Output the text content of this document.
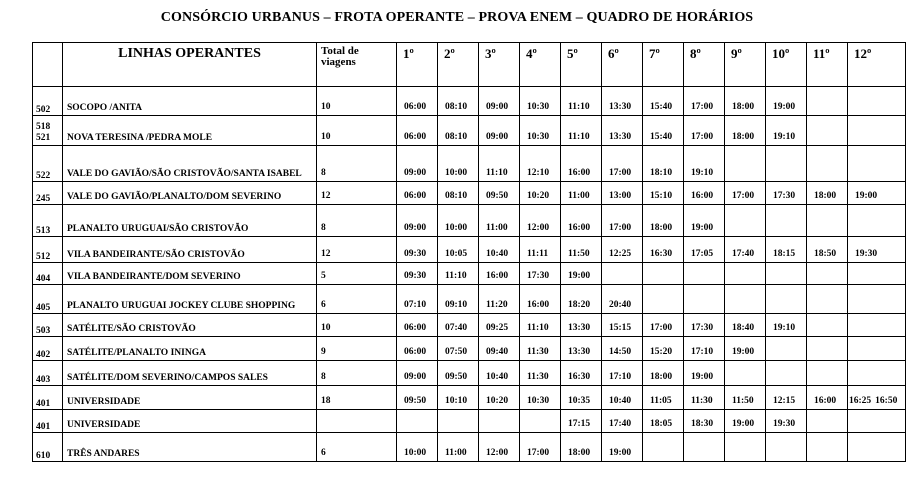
CONSÓRCIO URBANUS – FROTA OPERANTE – PROVA ENEM – QUADRO DE HORÁRIOS
	LINHAS OPERANTES	Total de viagens	1º	2º	3º	4º	5º	6º	7º	8º	9º	10º	11º	12º

502	SOCOPO /ANITA	10	06:00	08:10	09:00	10:30	11:10	13:30	15:40	17:00	18:00	19:00		

518
521	NOVA TERESINA /PEDRA MOLE	10	06:00	08:10	09:00	10:30	11:10	13:30	15:40	17:00	18:00	19:10		

522	VALE DO GAVIÃO/SÃO CRISTOVÃO/SANTA ISABEL	8	09:00	10:00	11:10	12:10	16:00	17:00	18:10	19:10				

245	VALE DO GAVIÃO/PLANALTO/DOM SEVERINO	12	06:00	08:10	09:50	10:20	11:00	13:00	15:10	16:00	17:00	17:30	18:00	19:00

513	PLANALTO URUGUAI/SÃO CRISTOVÃO	8	09:00	10:00	11:00	12:00	16:00	17:00	18:00	19:00				

512	VILA BANDEIRANTE/SÃO CRISTOVÃO	12	09:30	10:05	10:40	11:11	11:50	12:25	16:30	17:05	17:40	18:15	18:50	19:30

404	VILA BANDEIRANTE/DOM SEVERINO	5	09:30	11:10	16:00	17:30	19:00							

405	PLANALTO URUGUAI JOCKEY CLUBE SHOPPING	6	07:10	09:10	11:20	16:00	18:20	20:40						

503	SATÉLITE/SÃO CRISTOVÃO	10	06:00	07:40	09:25	11:10	13:30	15:15	17:00	17:30	18:40	19:10		

402	SATÉLITE/PLANALTO ININGA	9	06:00	07:50	09:40	11:30	13:30	14:50	15:20	17:10	19:00			

403	SATÉLITE/DOM SEVERINO/CAMPOS SALES	8	09:00	09:50	10:40	11:30	16:30	17:10	18:00	19:00				

401	UNIVERSIDADE	18	09:50	10:10	10:20	10:30	10:35	10:40	11:05	11:30	11:50	12:15	16:00	16:25 16:50

401	UNIVERSIDADE						17:15	17:40	18:05	18:30	19:00	19:30		

610	TRÊS ANDARES	6	10:00	11:00	12:00	17:00	18:00	19:00						
